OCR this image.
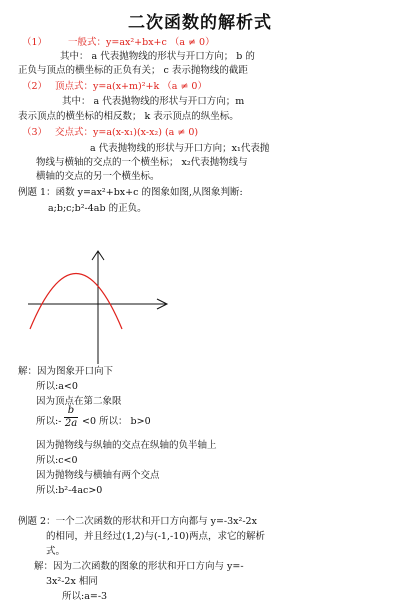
二次函数的解析式
（1） 一般式：y=ax²+bx+c （a ≠ 0）
其中： a 代表抛物线的形状与开口方向； b 的
正负与顶点的横坐标的正负有关； c 表示抛物线的截距
（2） 顶点式：y=a(x+m)²+k （a ≠ 0）
其中： a 代表抛物线的形状与开口方向；m
表示顶点的横坐标的相反数； k 表示顶点的纵坐标。
（3） 交点式：y=a(x-x₁)(x-x₂) (a ≠ 0)
a 代表抛物线的形状与开口方向；x₁代表抛
物线与横轴的交点的一个横坐标； x₂代表抛物线与
横轴的交点的另一个横坐标。
例题 1：函数 y=ax²+bx+c 的图象如图,从图象判断:
a;b;c;b²-4ab 的正负。
解：因为图象开口向下
所以:a<0
因为顶点在第二象限
所以:-
b
2a <0 所以： b>0
因为抛物线与纵轴的交点在纵轴的负半轴上
所以:c<0
因为抛物线与横轴有两个交点
所以:b²-4ac>0
例题 2：一个二次函数的形状和开口方向都与 y=-3x²-2x
的相同，并且经过(1,2)与(-1,-10)两点，求它的解析
式。
解：因为二次函数的图象的形状和开口方向与 y=-
3x²-2x 相同
所以:a=-3
